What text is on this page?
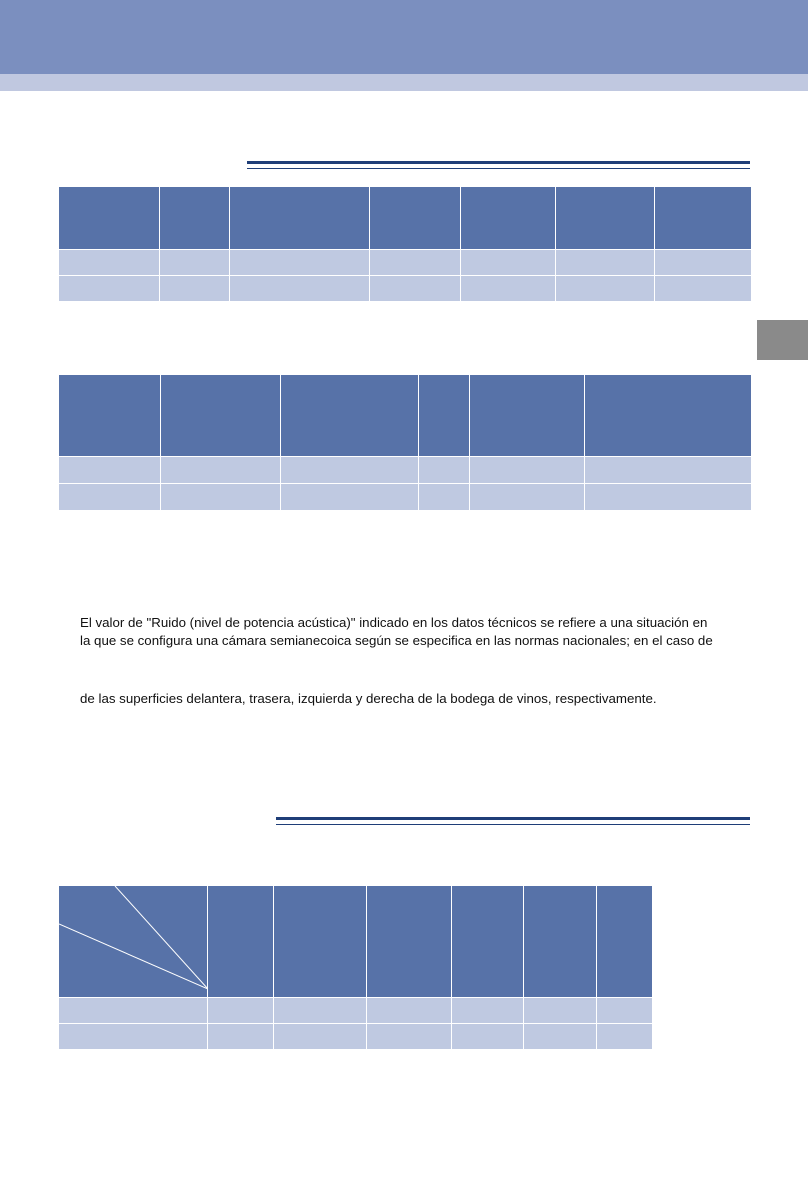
El valor de "Ruido (nivel de potencia acústica)" indicado en los datos técnicos se refiere a una situación en

la que se configura una cámara semianecoica según se especifica en las normas nacionales; en el caso de

de las superficies delantera, trasera, izquierda y derecha de la bodega de vinos, respectivamente.
